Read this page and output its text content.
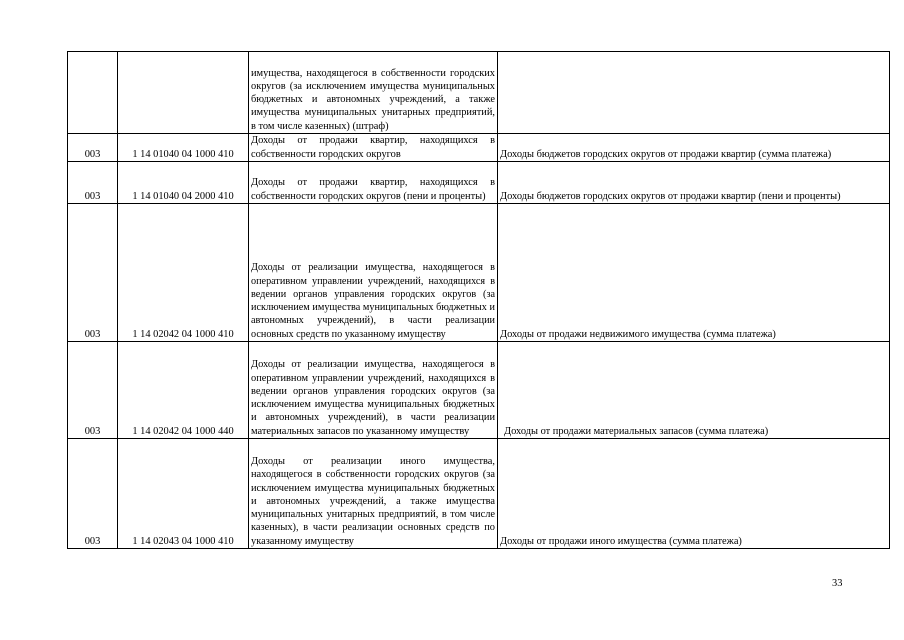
		имущества, находящегося в собственности городских округов (за исключением имущества муниципальных бюджетных и автономных учреждений, а также имущества муниципальных унитарных предприятий, в том числе казенных) (штраф)	
003	1 14 01040 04 1000 410	Доходы от продажи квартир, находящихся в собственности городских округов	Доходы бюджетов городских округов от продажи квартир (сумма платежа)
003	1 14 01040 04 2000 410	Доходы от продажи квартир, находящихся в собственности городских округов (пени и проценты)	Доходы бюджетов городских округов от продажи квартир (пени и проценты)
003	1 14 02042 04 1000 410	Доходы от реализации имущества, находящегося в оперативном управлении учреждений, находящихся в ведении органов управления городских округов (за исключением имущества муниципальных бюджетных и автономных учреждений), в части реализации основных средств по указанному имуществу	Доходы от продажи недвижимого имущества (сумма платежа)
003	1 14 02042 04 1000 440	Доходы от реализации имущества, находящегося в оперативном управлении учреждений, находящихся в ведении органов управления городских округов (за исключением имущества муниципальных бюджетных и автономных учреждений), в части реализации материальных запасов по указанному имуществу	Доходы от продажи материальных запасов (сумма платежа)
003	1 14 02043 04 1000 410	Доходы от реализации иного имущества, находящегося в собственности городских округов (за исключением имущества муниципальных бюджетных и автономных учреждений, а также имущества муниципальных унитарных предприятий, в том числе казенных), в части реализации основных средств по указанному имуществу	Доходы от продажи иного имущества (сумма платежа)
33
